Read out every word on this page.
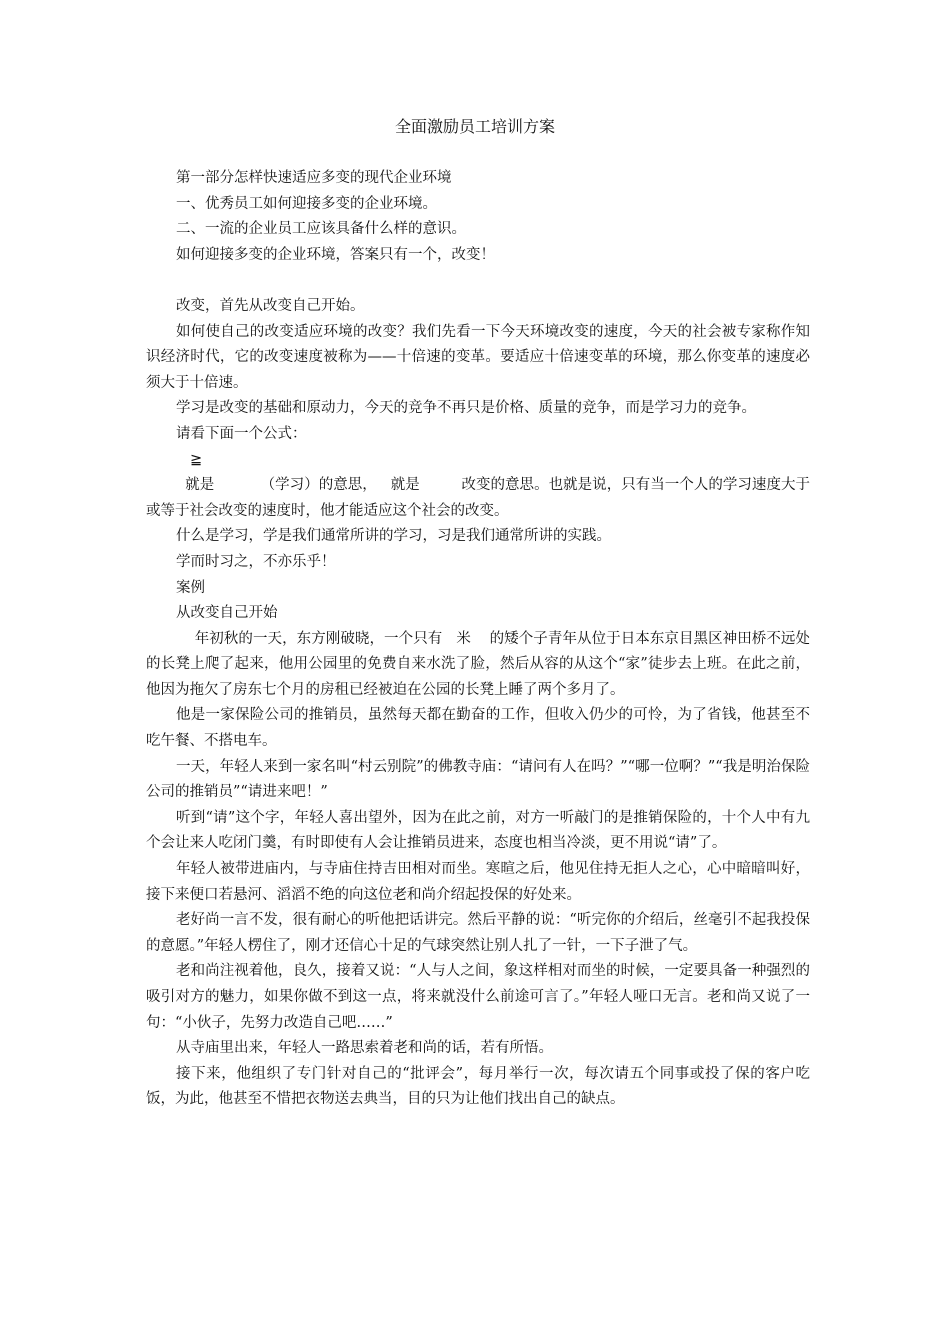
全面激励员工培训方案

第一部分怎样快速适应多变的现代企业环境

一、优秀员工如何迎接多变的企业环境。

二、一流的企业员工应该具备什么样的意识。

如何迎接多变的企业环境，答案只有一个，改变！

改变，首先从改变自己开始。

如何使自己的改变适应环境的改变？我们先看一下今天环境改变的速度，今天的社会被专家称作知识经济时代，它的改变速度被称为——十倍速的变革。要适应十倍速变革的环境，那么你变革的速度必须大于十倍速。

学习是改变的基础和原动力，今天的竞争不再只是价格、质量的竞争，而是学习力的竞争。

请看下面一个公式：

≧

就是          （学习）的意思，   就是         改变的意思。也就是说，只有当一个人的学习速度大于或等于社会改变的速度时，他才能适应这个社会的改变。

什么是学习，学是我们通常所讲的学习，习是我们通常所讲的实践。

学而时习之，不亦乐乎！

案例

从改变自己开始

年初秋的一天，东方刚破晓，一个只有   米    的矮个子青年从位于日本东京目黑区神田桥不远处的长凳上爬了起来，他用公园里的免费自来水洗了脸，然后从容的从这个“家”徒步去上班。在此之前，他因为拖欠了房东七个月的房租已经被迫在公园的长凳上睡了两个多月了。

他是一家保险公司的推销员，虽然每天都在勤奋的工作，但收入仍少的可怜，为了省钱，他甚至不吃午餐、不搭电车。

一天，年轻人来到一家名叫“村云别院”的佛教寺庙：“请问有人在吗？”“哪一位啊？”“我是明治保险公司的推销员”“请进来吧！”

听到“请”这个字，年轻人喜出望外，因为在此之前，对方一听敲门的是推销保险的，十个人中有九个会让来人吃闭门羹，有时即使有人会让推销员进来，态度也相当冷淡，更不用说“请”了。

年轻人被带进庙内，与寺庙住持吉田相对而坐。寒暄之后，他见住持无拒人之心，心中暗暗叫好，接下来便口若悬河、滔滔不绝的向这位老和尚介绍起投保的好处来。

老好尚一言不发，很有耐心的听他把话讲完。然后平静的说：“听完你的介绍后，丝毫引不起我投保的意愿。”年轻人楞住了，刚才还信心十足的气球突然让别人扎了一针，一下子泄了气。

老和尚注视着他，良久，接着又说：“人与人之间，象这样相对而坐的时候，一定要具备一种强烈的吸引对方的魅力，如果你做不到这一点，将来就没什么前途可言了。”年轻人哑口无言。老和尚又说了一句：“小伙子，先努力改造自己吧……”

从寺庙里出来，年轻人一路思索着老和尚的话，若有所悟。

接下来，他组织了专门针对自己的“批评会”，每月举行一次，每次请五个同事或投了保的客户吃饭，为此，他甚至不惜把衣物送去典当，目的只为让他们找出自己的缺点。
